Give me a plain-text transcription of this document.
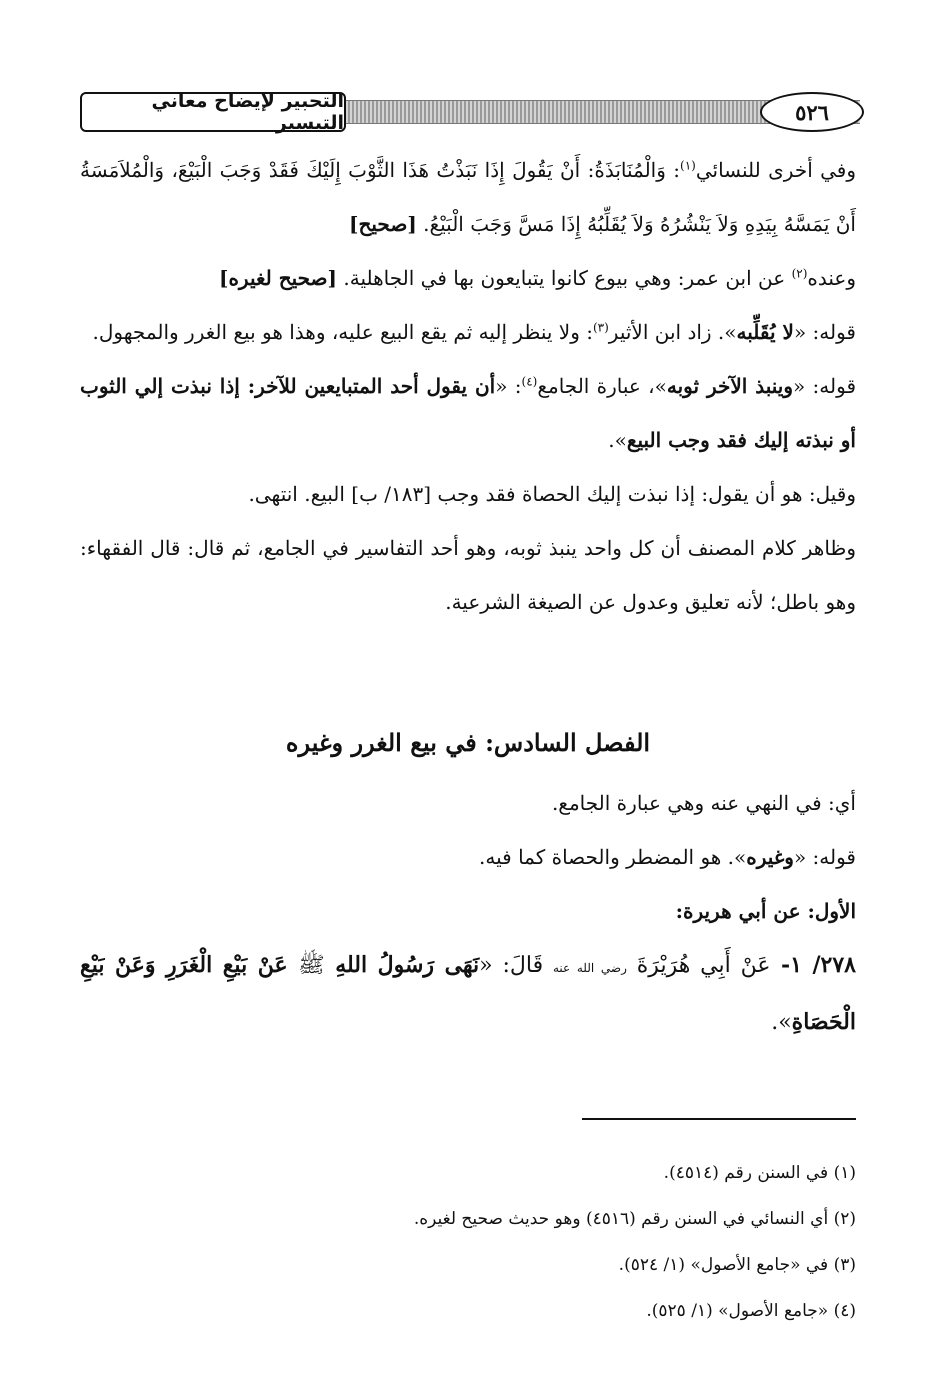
التحبير لإيضاح معاني التيسير	٥٢٦

وفي أخرى للنسائي$^{(١)}$: وَالْمُنَابَذَةُ: أَنْ يَقُولَ إِذَا نَبَذْتُ هَذَا الثَّوْبَ إِلَيْكَ فَقَدْ وَجَبَ الْبَيْعَ، وَالْمُلاَمَسَةُ أَنْ يَمَسَّهُ بِيَدِهِ وَلاَ يَنْشُرُهُ وَلاَ يُقَلِّبُهُ إِذَا مَسَّ وَجَبَ الْبَيْعُ. [صحيح]

وعنده$^{(٢)}$ عن ابن عمر: وهي بيوع كانوا يتبايعون بها في الجاهلية. [صحيح لغيره]

قوله: «لا يُقَلِّبه». زاد ابن الأثير$^{(٣)}$: ولا ينظر إليه ثم يقع البيع عليه، وهذا هو بيع الغرر والمجهول.

قوله: «وينبذ الآخر ثوبه»، عبارة الجامع$^{(٤)}$: «أن يقول أحد المتبايعين للآخر: إذا نبذت إلي الثوب أو نبذته إليك فقد وجب البيع».

وقيل: هو أن يقول: إذا نبذت إليك الحصاة فقد وجب [١٨٣/ ب] البيع. انتهى.

وظاهر كلام المصنف أن كل واحد ينبذ ثوبه، وهو أحد التفاسير في الجامع، ثم قال: قال الفقهاء: وهو باطل؛ لأنه تعليق وعدول عن الصيغة الشرعية.

الفصل السادس: في بيع الغرر وغيره

أي: في النهي عنه وهي عبارة الجامع.

قوله: «وغيره». هو المضطر والحصاة كما فيه.

الأول: عن أبي هريرة:

٢٧٨/ ١- عَنْ أَبِي هُرَيْرَةَ رضي الله عنه قَالَ: «نَهَى رَسُولُ اللهِ ﷺ عَنْ بَيْعِ الْغَرَرِ وَعَنْ بَيْعِ الْحَصَاةِ».

(١) في السنن رقم (٤٥١٤).
(٢) أي النسائي في السنن رقم (٤٥١٦) وهو حديث صحيح لغيره.
(٣) في «جامع الأصول» (١/ ٥٢٤).
(٤) «جامع الأصول» (١/ ٥٢٥).
